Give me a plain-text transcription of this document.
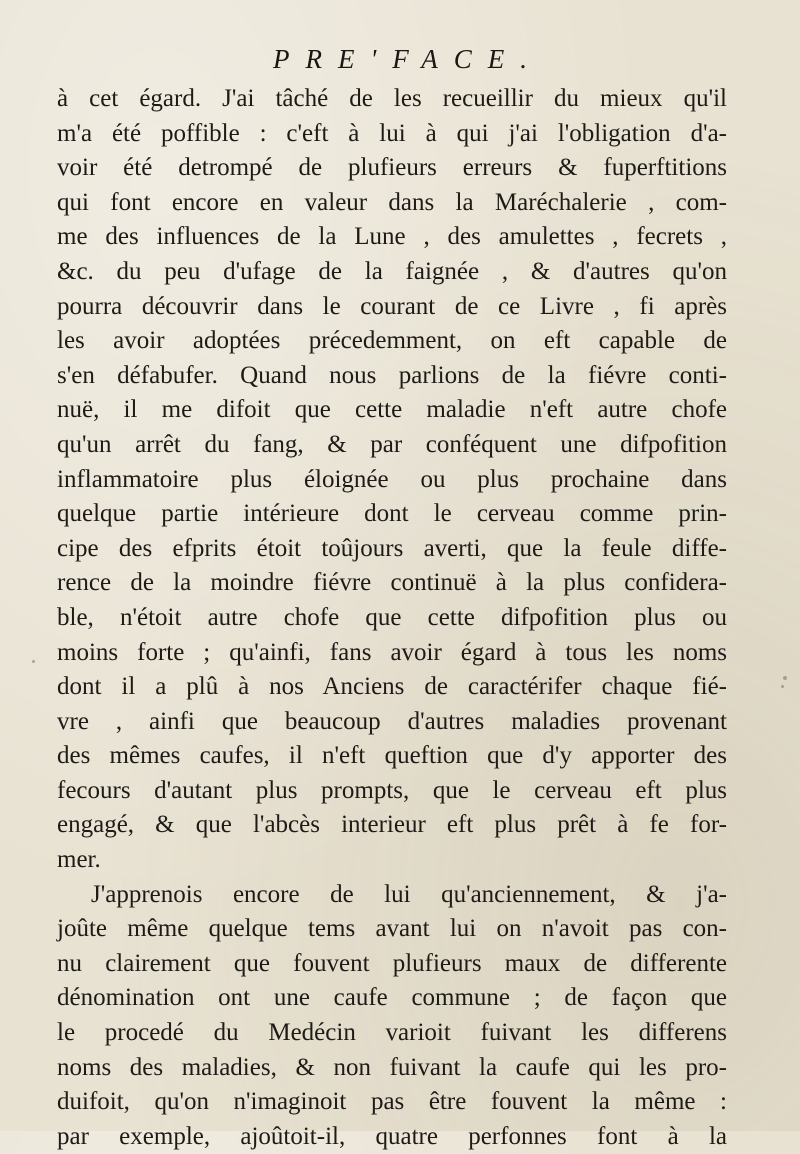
PRE'FACE.
à cet égard. J'ai tâché de les recueillir du mieux qu'il
m'a été poffible : c'eft à lui à qui j'ai l'obligation d'a-
voir été detrompé de plufieurs erreurs & fuperftitions
qui font encore en valeur dans la Maréchalerie , com-
me des influences de la Lune , des amulettes , fecrets ,
&c. du peu d'ufage de la faignée , & d'autres qu'on
pourra découvrir dans le courant de ce Livre , fi après
les avoir adoptées précedemment, on eft capable de
s'en défabufer. Quand nous parlions de la fiévre conti-
nuë, il me difoit que cette maladie n'eft autre chofe
qu'un arrêt du fang, & par conféquent une difpofition
inflammatoire plus éloignée ou plus prochaine dans
quelque partie intérieure dont le cerveau comme prin-
cipe des efprits étoit toûjours averti, que la feule diffe-
rence de la moindre fiévre continuë à la plus confidera-
ble, n'étoit autre chofe que cette difpofition plus ou
moins forte ; qu'ainfi, fans avoir égard à tous les noms
dont il a plû à nos Anciens de caractérifer chaque fié-
vre , ainfi que beaucoup d'autres maladies provenant
des mêmes caufes, il n'eft queftion que d'y apporter des
fecours d'autant plus prompts, que le cerveau eft plus
engagé, & que l'abcès interieur eft plus prêt à fe for-
mer.
J'apprenois encore de lui qu'anciennement, & j'a-
joûte même quelque tems avant lui on n'avoit pas con-
nu clairement que fouvent plufieurs maux de differente
dénomination ont une caufe commune ; de façon que
le procedé du Medécin varioit fuivant les differens
noms des maladies, & non fuivant la caufe qui les pro-
duifoit, qu'on n'imaginoit pas être fouvent la même :
par exemple, ajoûtoit-il, quatre perfonnes font à la
